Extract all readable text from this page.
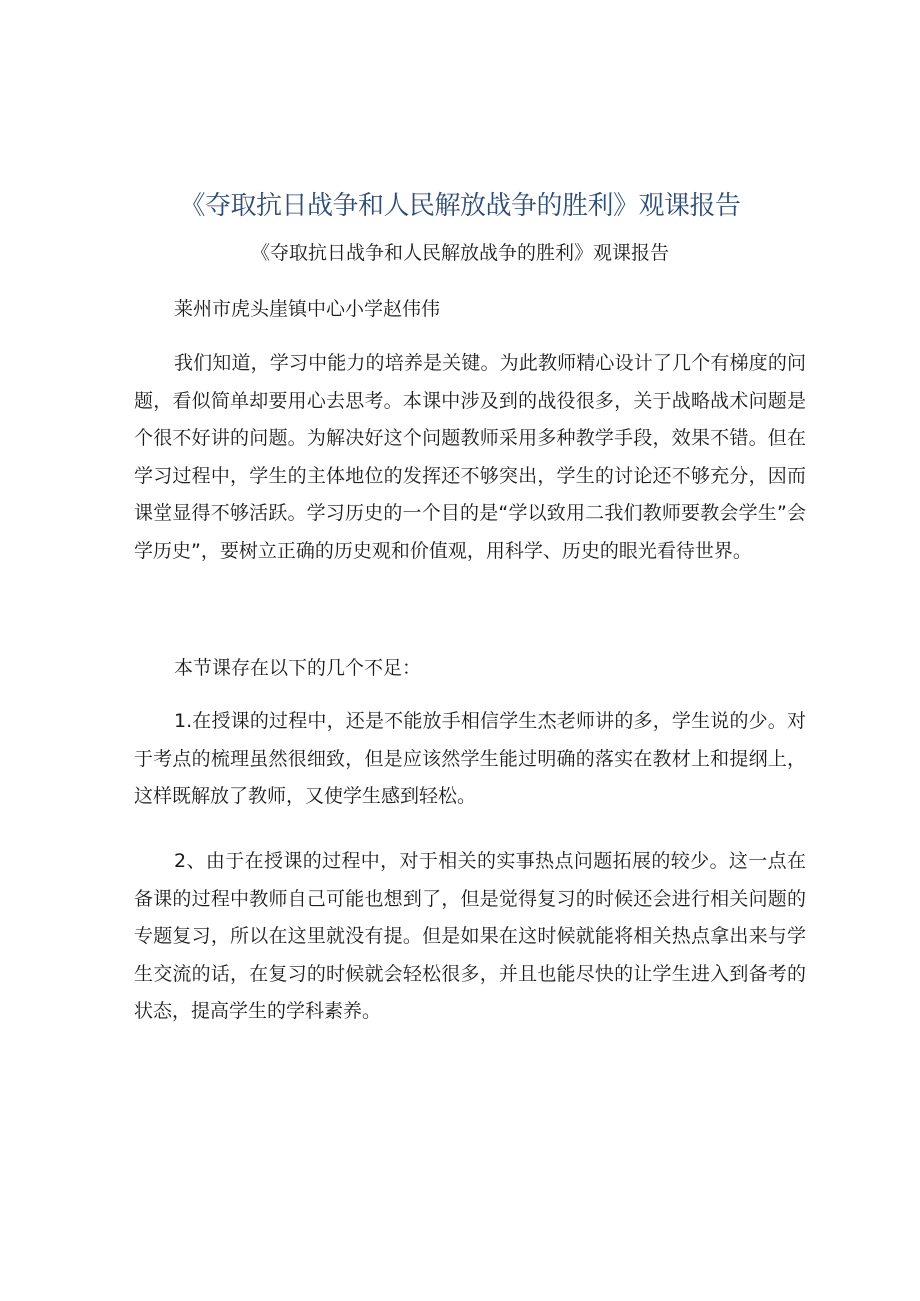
《夺取抗日战争和人民解放战争的胜利》观课报告
《夺取抗日战争和人民解放战争的胜利》观课报告
莱州市虎头崖镇中心小学赵伟伟

我们知道，学习中能力的培养是关键。为此教师精心设计了几个有梯度的问题，看似简单却要用心去思考。本课中涉及到的战役很多，关于战略战术问题是个很不好讲的问题。为解决好这个问题教师采用多种教学手段，效果不错。但在学习过程中，学生的主体地位的发挥还不够突出，学生的讨论还不够充分，因而课堂显得不够活跃。学习历史的一个目的是“学以致用二我们教师要教会学生”会学历史”，要树立正确的历史观和价值观，用科学、历史的眼光看待世界。

本节课存在以下的几个不足：

1.在授课的过程中，还是不能放手相信学生杰老师讲的多，学生说的少。对于考点的梳理虽然很细致，但是应该然学生能过明确的落实在教材上和提纲上，这样既解放了教师，又使学生感到轻松。

2、由于在授课的过程中，对于相关的实事热点问题拓展的较少。这一点在备课的过程中教师自己可能也想到了，但是觉得复习的时候还会进行相关问题的专题复习，所以在这里就没有提。但是如果在这时候就能将相关热点拿出来与学生交流的话，在复习的时候就会轻松很多，并且也能尽快的让学生进入到备考的状态，提高学生的学科素养。
